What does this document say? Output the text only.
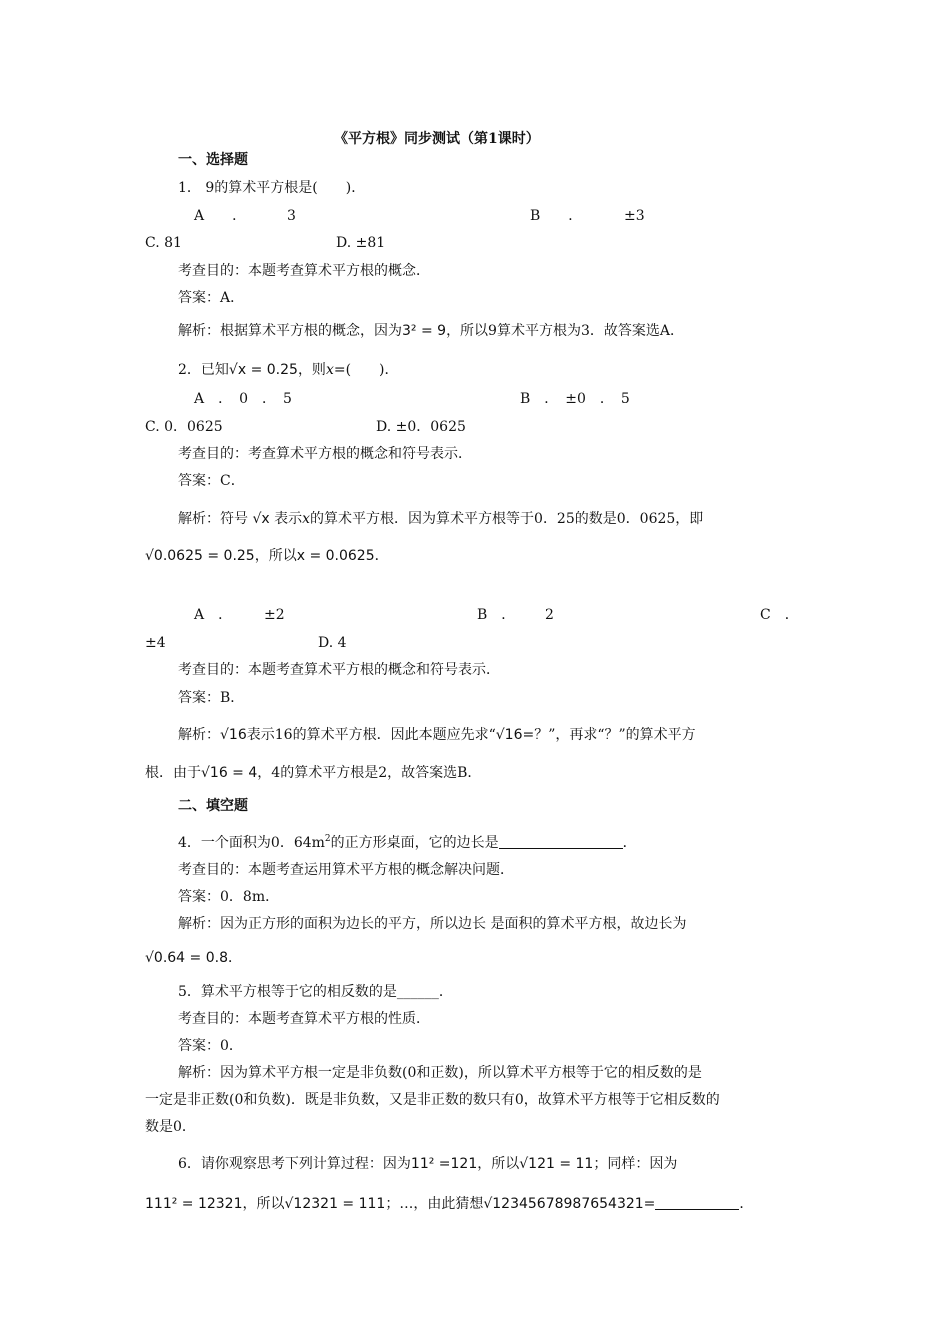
《平方根》同步测试（第1课时）
一、选择题
1． 9的算术平方根是(　　)．
A　　．	3	B　　．	±3
C. 81	D. ±81
考查目的：本题考查算术平方根的概念．
答案：A．
解析：根据算术平方根的概念，因为3² = 9，所以9算术平方根为3．故答案选A．
2．已知√x = 0.25，则x=(　　)．
A　．　0　．　5	B　．　±0　．　5
C. 0．0625	D. ±0．0625
考查目的：考查算术平方根的概念和符号表示．
答案：C．
解析：符号 √x 表示x的算术平方根．因为算术平方根等于0．25的数是0．0625，即
√0.0625 = 0.25，所以x = 0.0625．
A　． ±2	B　． 2	C　．
±4	D. 4
考查目的：本题考查算术平方根的概念和符号表示．
答案：B．
解析：√16表示16的算术平方根．因此本题应先求“√16=？”，再求“？”的算术平方
根．由于√16 = 4，4的算术平方根是2，故答案选B．
二、填空题
4．一个面积为0．$64m^2$的正方形桌面，它的边长是	．
考查目的：本题考查运用算术平方根的概念解决问题．
答案：0．8m．
解析：因为正方形的面积为边长的平方，所以边长 是面积的算术平方根，故边长为
√0.64 = 0.8．
5．算术平方根等于它的相反数的是______．
考查目的：本题考查算术平方根的性质．
答案：0．
解析：因为算术平方根一定是非负数(0和正数)，所以算术平方根等于它的相反数的是
一定是非正数(0和负数)．既是非负数，又是非正数的数只有0，故算术平方根等于它相反数的
数是0．
6．请你观察思考下列计算过程：因为11² =121，所以√121 = 11；同样：因为
111² = 12321，所以√12321 = 111；…，由此猜想√12345678987654321=	．
